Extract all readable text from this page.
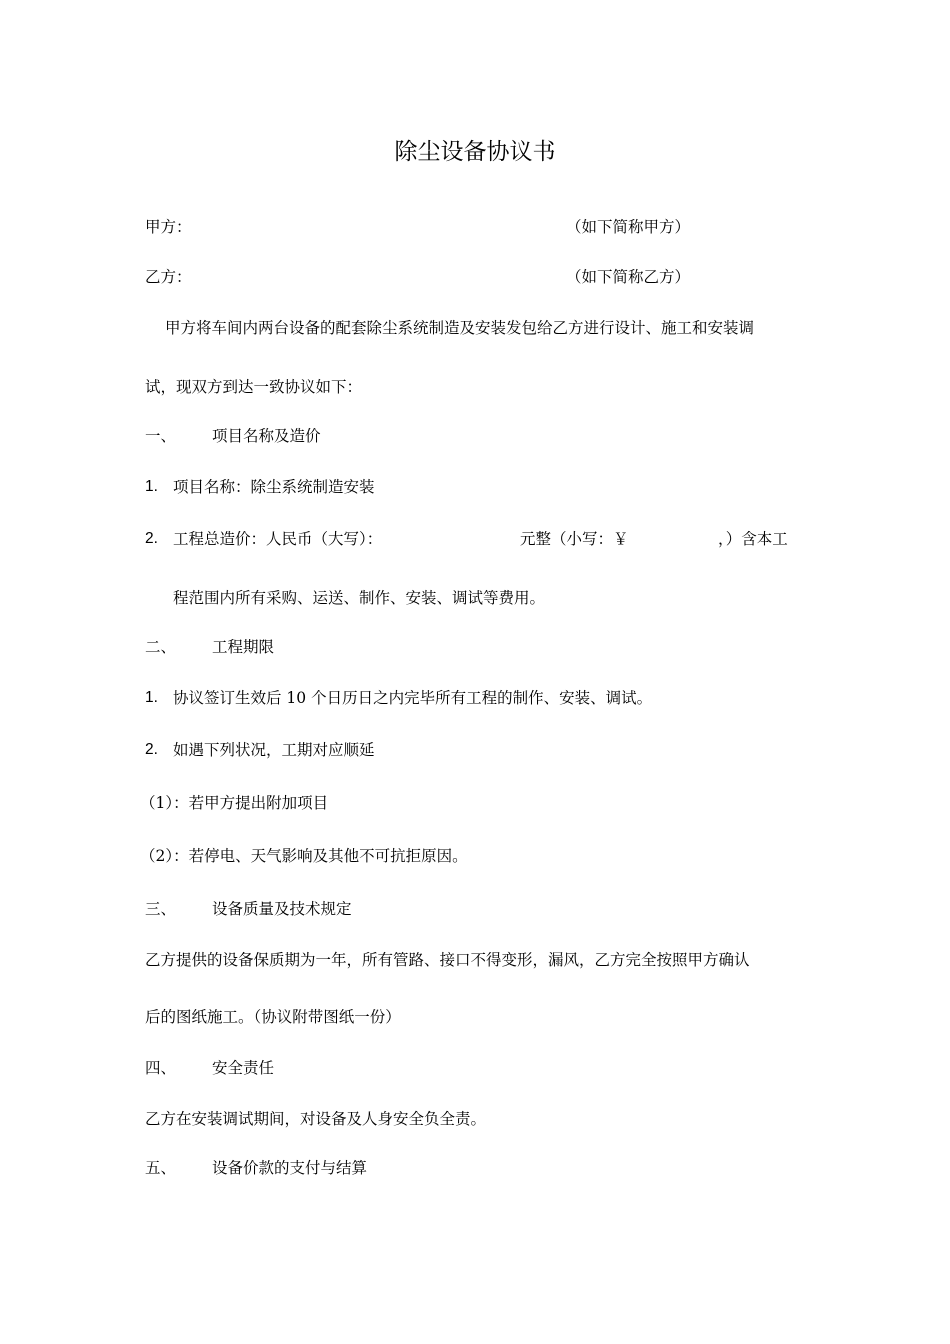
除尘设备协议书
甲方：	（如下简称甲方）
乙方：	（如下简称乙方）
甲方将车间内两台设备的配套除尘系统制造及安装发包给乙方进行设计、施工和安装调
试，现双方到达一致协议如下：
一、 项目名称及造价
1. 项目名称：除尘系统制造安装
2. 工程总造价：人民币（大写）：	元整（小写：￥	，）含本工
程范围内所有采购、运送、制作、安装、调试等费用。
二、 工程期限
1. 协议签订生效后 10 个日历日之内完毕所有工程的制作、安装、调试。
2. 如遇下列状况，工期对应顺延
（1）：若甲方提出附加项目
（2）：若停电、天气影响及其他不可抗拒原因。
三、 设备质量及技术规定
乙方提供的设备保质期为一年，所有管路、接口不得变形，漏风，乙方完全按照甲方确认
后的图纸施工。（协议附带图纸一份）
四、 安全责任
乙方在安装调试期间，对设备及人身安全负全责。
五、 设备价款的支付与结算
